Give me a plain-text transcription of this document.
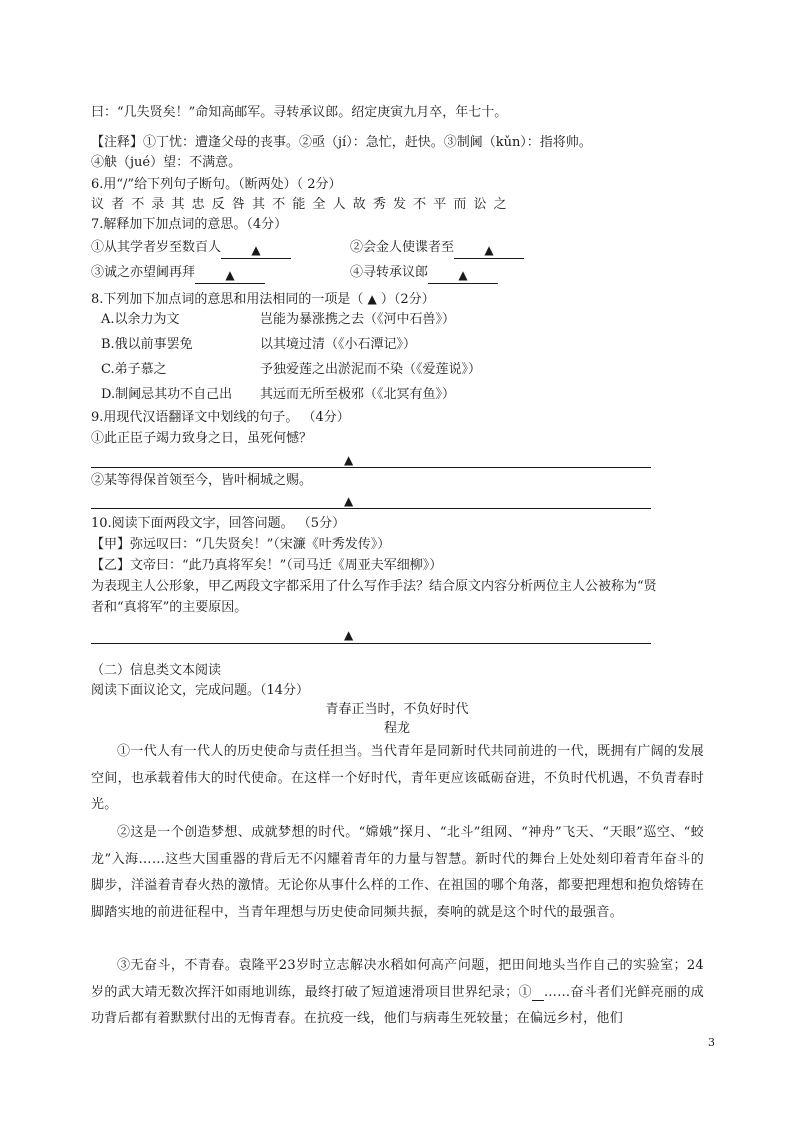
曰：“几失贤矣！”命知高邮军。寻转承议郎。绍定庚寅九月卒，年七十。
【注释】①丁忧：遭逢父母的丧事。②亟（jí）：急忙，赶快。③制阃（kǔn）：指将帅。
④觖（jué）望：不满意。
6.用“/”给下列句子断句。（断两处）（ 2分）
议 者 不 录 其 忠 反 咎 其 不 能 全 人 故 秀 发 不 平 而 讼 之
7.解释加下加点词的意思。（4分）
①从其学者岁至数百人	▲	②会金人使谍者至	▲
③诚之亦望阃再拜	▲	④寻转承议郎	▲
8.下列加下加点词的意思和用法相同的一项是（ ▲ ）（2分）
A.以余力为文	岂能为暴涨携之去（《河中石兽》）
B.俄以前事罢免	以其境过清（《小石潭记》）
C.弟子慕之	予独爱莲之出淤泥而不染（《爱莲说》）
D.制阃忌其功不自己出 其远而无所至极邪（《北冥有鱼》）
9.用现代汉语翻译文中划线的句子。 （4分）
①此正臣子竭力致身之日，虽死何憾？
▲
②某等得保首领至今，皆叶桐城之赐。
▲
10.阅读下面两段文字，回答问题。 （5分）
【甲】弥远叹曰：“几失贤矣！”（宋濂《叶秀发传》）
【乙】文帝曰：“此乃真将军矣！”（司马迁《周亚夫军细柳》）
为表现主人公形象，甲乙两段文字都采用了什么写作手法？结合原文内容分析两位主人公被称为“贤
者和“真将军”的主要原因。
▲
（二）信息类文本阅读
阅读下面议论文，完成问题。（14分）
青春正当时，不负好时代
程龙
①一代人有一代人的历史使命与责任担当。当代青年是同新时代共同前进的一代，既拥有广阔的发展空间，也承载着伟大的时代使命。在这样一个好时代，青年更应该砥砺奋进，不负时代机遇，不负青春时光。
②这是一个创造梦想、成就梦想的时代。“嫦娥”探月、“北斗”组网、“神舟”飞天、“天眼”巡空、“蛟龙”入海……这些大国重器的背后无不闪耀着青年的力量与智慧。新时代的舞台上处处刻印着青年奋斗的脚步，洋溢着青春火热的激情。无论你从事什么样的工作、在祖国的哪个角落，都要把理想和抱负熔铸在脚踏实地的前进征程中，当青年理想与历史使命同频共振，奏响的就是这个时代的最强音。
③无奋斗，不青春。袁隆平23岁时立志解决水稻如何高产问题，把田间地头当作自己的实验室；24岁的武大靖无数次挥汗如雨地训练，最终打破了短道速滑项目世界纪录；① ……奋斗者们光鲜亮丽的成功背后都有着默默付出的无悔青春。在抗疫一线，他们与病毒生死较量；在偏远乡村，他们
3
